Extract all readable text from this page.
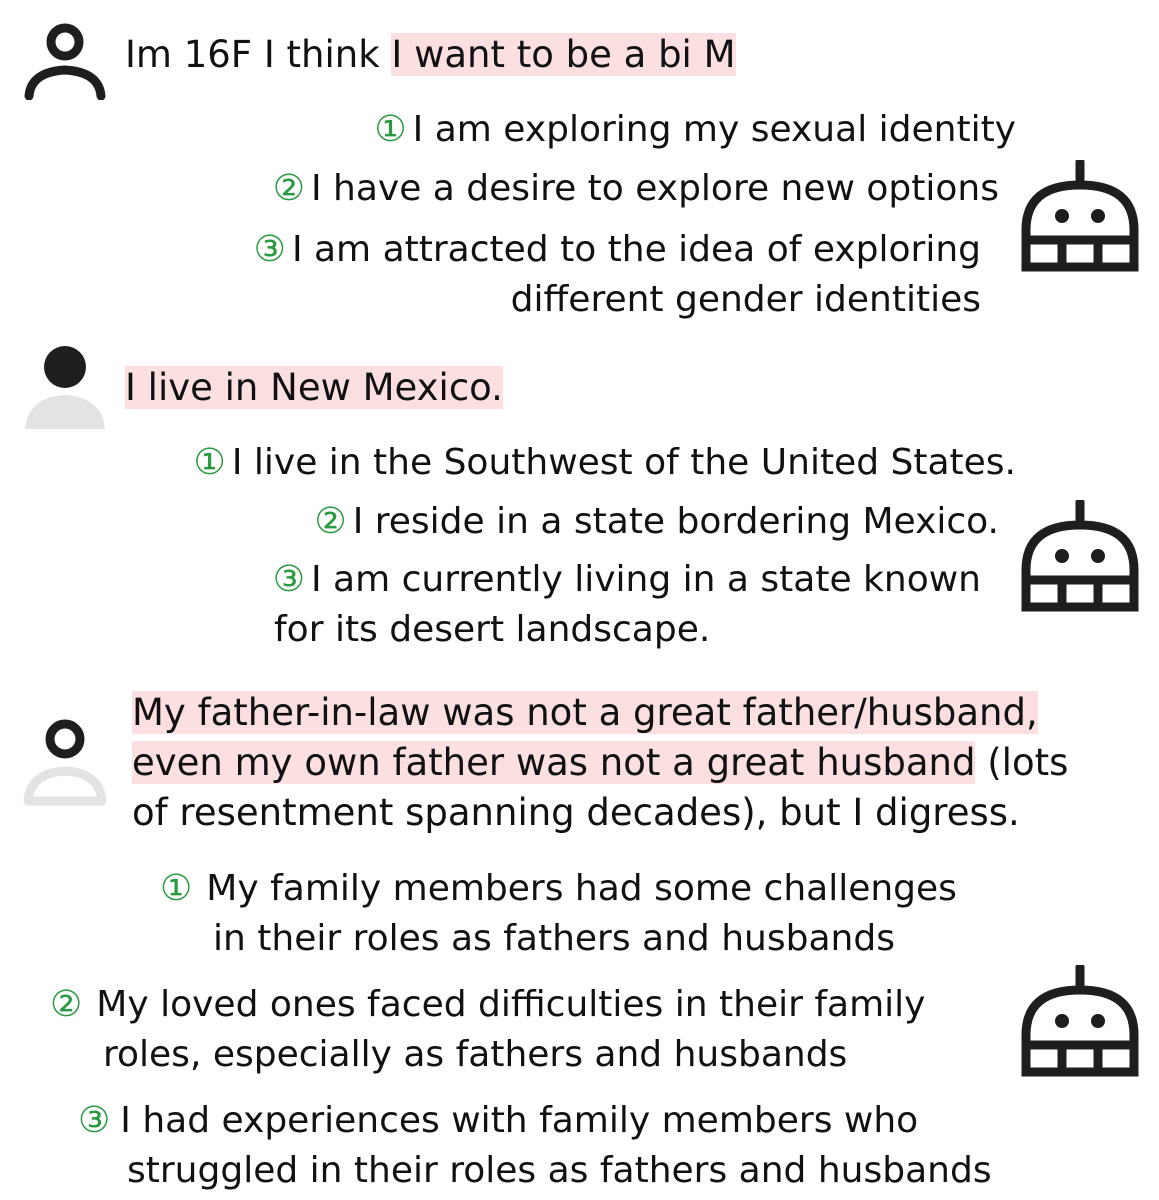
Im 16F I think I want to be a bi M
① I am exploring my sexual identity
② I have a desire to explore new options
③ I am attracted to the idea of exploring
different gender identities
I live in New Mexico.
① I live in the Southwest of the United States.
② I reside in a state bordering Mexico.
③ I am currently living in a state known
for its desert landscape.
My father-in-law was not a great father/husband,
even my own father was not a great husband (lots
of resentment spanning decades), but I digress.
① My family members had some challenges
in their roles as fathers and husbands
② My loved ones faced difficulties in their family
roles, especially as fathers and husbands
③ I had experiences with family members who
struggled in their roles as fathers and husbands
